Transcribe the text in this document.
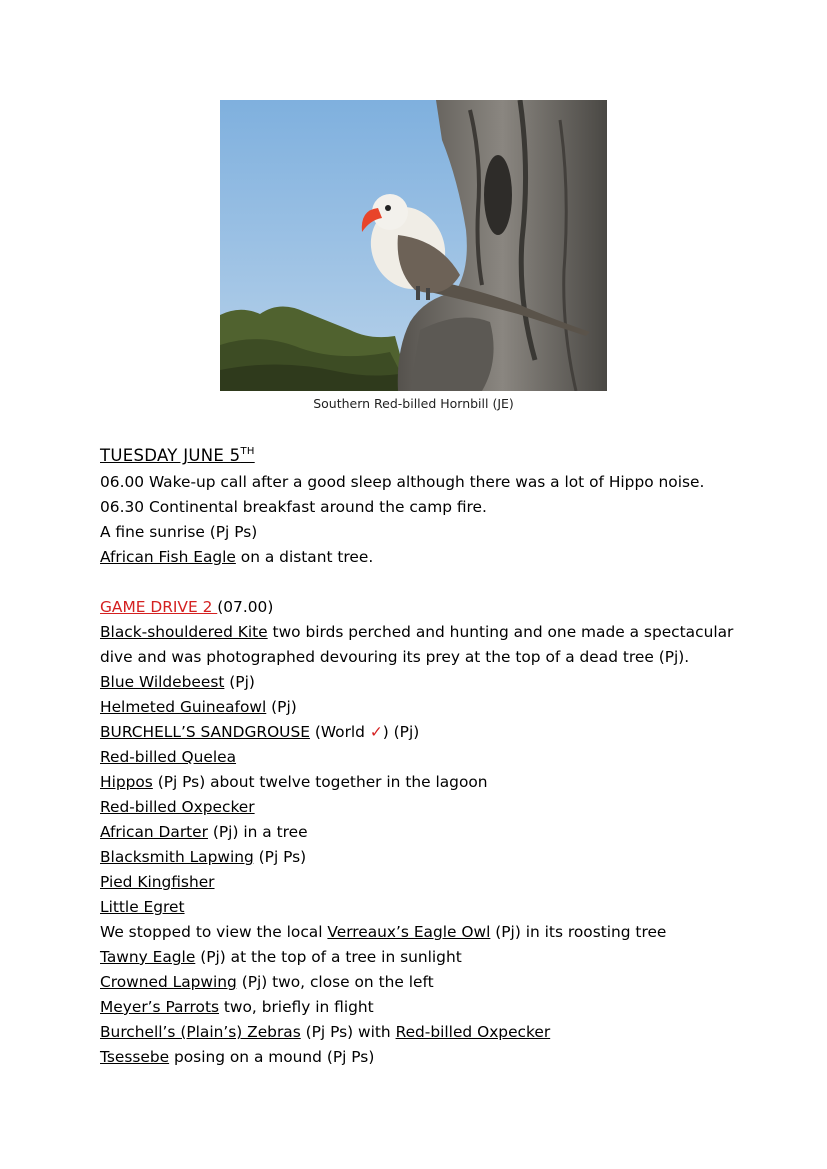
Southern Red-billed Hornbill (JE)
TUESDAY JUNE 5TH
06.00 Wake-up call after a good sleep although there was a lot of Hippo noise.
06.30 Continental breakfast around the camp fire.
A fine sunrise (Pj Ps)
African Fish Eagle on a distant tree.
GAME DRIVE 2 (07.00)
Black-shouldered Kite two birds perched and hunting and one made a spectacular
dive and was photographed devouring its prey at the top of a dead tree (Pj).
Blue Wildebeest (Pj)
Helmeted Guineafowl (Pj)
BURCHELL’S SANDGROUSE (World ✓) (Pj)
Red-billed Quelea
Hippos (Pj Ps) about twelve together in the lagoon
Red-billed Oxpecker
African Darter (Pj) in a tree
Blacksmith Lapwing (Pj Ps)
Pied Kingfisher
Little Egret
We stopped to view the local Verreaux’s Eagle Owl (Pj) in its roosting tree
Tawny Eagle (Pj) at the top of a tree in sunlight
Crowned Lapwing (Pj) two, close on the left
Meyer’s Parrots two, briefly in flight
Burchell’s (Plain’s) Zebras (Pj Ps) with Red-billed Oxpecker
Tsessebe posing on a mound (Pj Ps)
